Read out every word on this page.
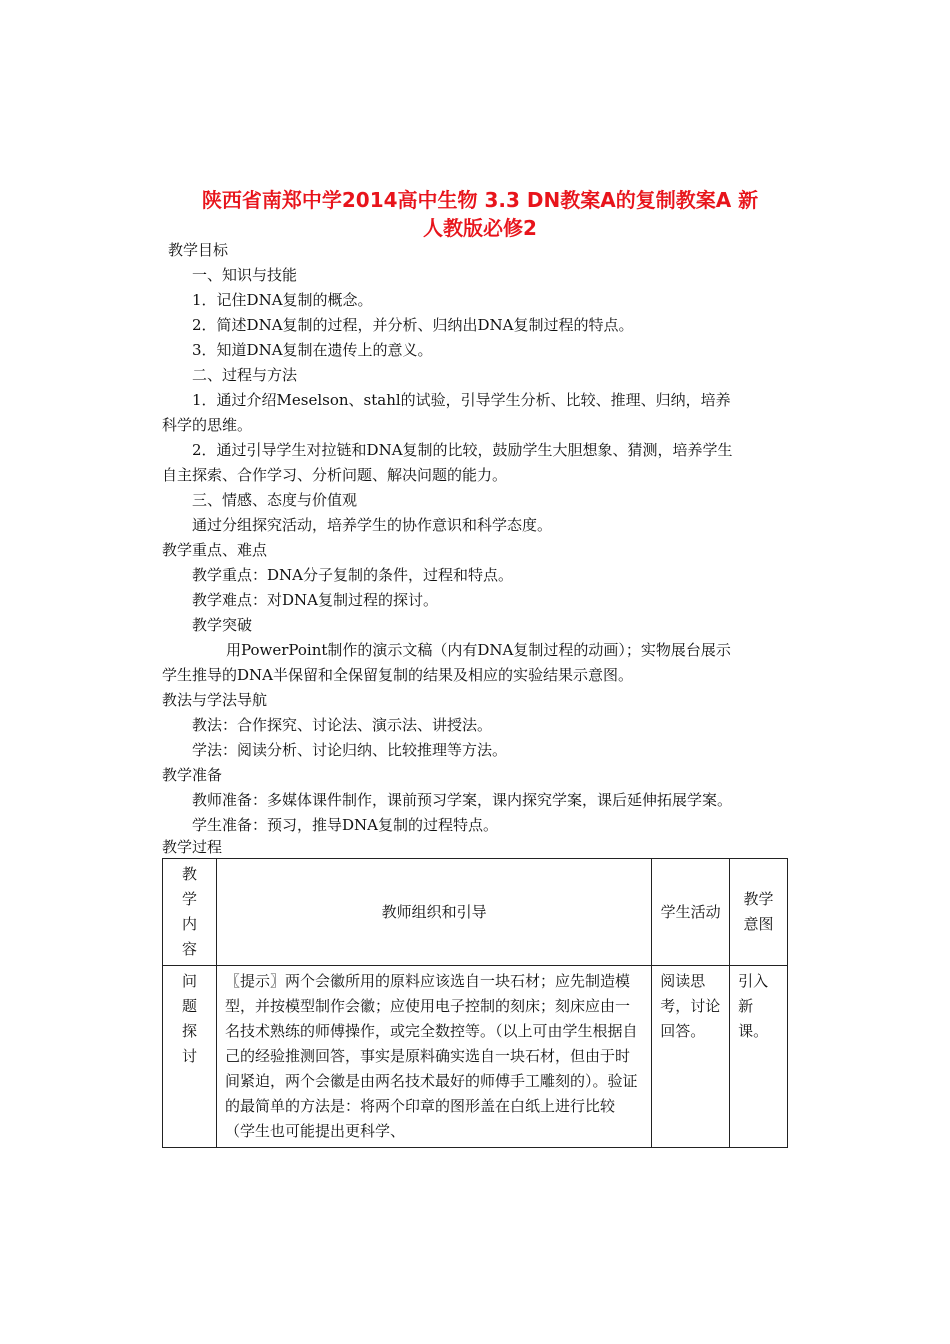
陕西省南郑中学2014高中生物 3.3 DN教案A的复制教案A 新
人教版必修2
教学目标
一、知识与技能
1．记住DNA复制的概念。
2．简述DNA复制的过程，并分析、归纳出DNA复制过程的特点。
3．知道DNA复制在遗传上的意义。
二、过程与方法
1．通过介绍Meselson、stahl的试验，引导学生分析、比较、推理、归纳，培养
科学的思维。
2．通过引导学生对拉链和DNA复制的比较，鼓励学生大胆想象、猜测，培养学生
自主探索、合作学习、分析问题、解决问题的能力。
三、情感、态度与价值观
通过分组探究活动，培养学生的协作意识和科学态度。
教学重点、难点
教学重点：DNA分子复制的条件，过程和特点。
教学难点：对DNA复制过程的探讨。
教学突破
用PowerPoint制作的演示文稿（内有DNA复制过程的动画）；实物展台展示
学生推导的DNA半保留和全保留复制的结果及相应的实验结果示意图。
教法与学法导航
教法：合作探究、讨论法、演示法、讲授法。
学法：阅读分析、讨论归纳、比较推理等方法。
教学准备
教师准备：多媒体课件制作，课前预习学案，课内探究学案，课后延伸拓展学案。
学生准备：预习，推导DNA复制的过程特点。
教学过程
教学内容	教师组织和引导	学生活动	教学意图

问题探讨	〖提示〗两个会徽所用的原料应该选自一块石材；应先制造模型，并按模型制作会徽；应使用电子控制的刻床；刻床应由一名技术熟练的师傅操作，或完全数控等。（以上可由学生根据自己的经验推测回答，事实是原料确实选自一块石材，但由于时间紧迫，两个会徽是由两名技术最好的师傅手工雕刻的）。验证的最简单的方法是：将两个印章的图形盖在白纸上进行比较（学生也可能提出更科学、	阅读思考，讨论回答。	引入新课。
